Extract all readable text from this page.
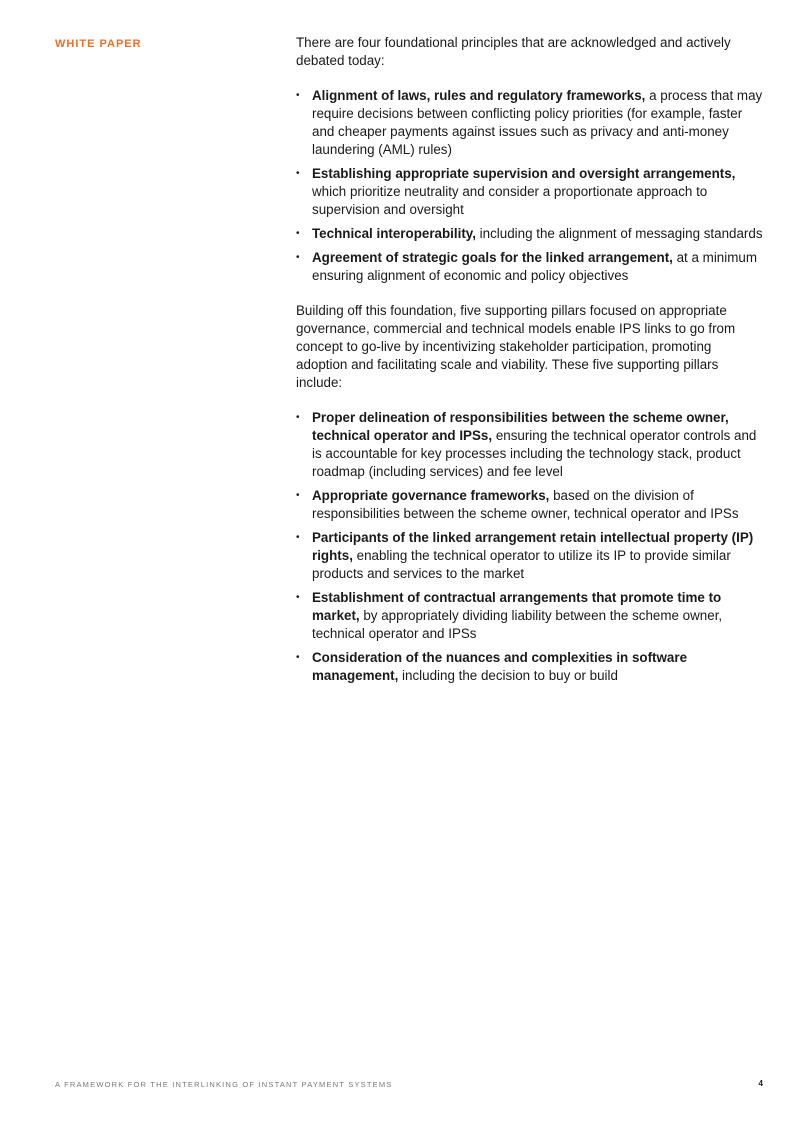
WHITE PAPER	There are four foundational principles that are acknowledged and actively debated today:

• Alignment of laws, rules and regulatory frameworks, a process that may require decisions between conflicting policy priorities (for example, faster and cheaper payments against issues such as privacy and anti-money laundering (AML) rules)
• Establishing appropriate supervision and oversight arrangements, which prioritize neutrality and consider a proportionate approach to supervision and oversight
• Technical interoperability, including the alignment of messaging standards
• Agreement of strategic goals for the linked arrangement, at a minimum ensuring alignment of economic and policy objectives

Building off this foundation, five supporting pillars focused on appropriate governance, commercial and technical models enable IPS links to go from concept to go-live by incentivizing stakeholder participation, promoting adoption and facilitating scale and viability. These five supporting pillars include:

• Proper delineation of responsibilities between the scheme owner, technical operator and IPSs, ensuring the technical operator controls and is accountable for key processes including the technology stack, product roadmap (including services) and fee level
• Appropriate governance frameworks, based on the division of responsibilities between the scheme owner, technical operator and IPSs
• Participants of the linked arrangement retain intellectual property (IP) rights, enabling the technical operator to utilize its IP to provide similar products and services to the market
• Establishment of contractual arrangements that promote time to market, by appropriately dividing liability between the scheme owner, technical operator and IPSs
• Consideration of the nuances and complexities in software management, including the decision to buy or build
A FRAMEWORK FOR THE INTERLINKING OF INSTANT PAYMENT SYSTEMS	4
